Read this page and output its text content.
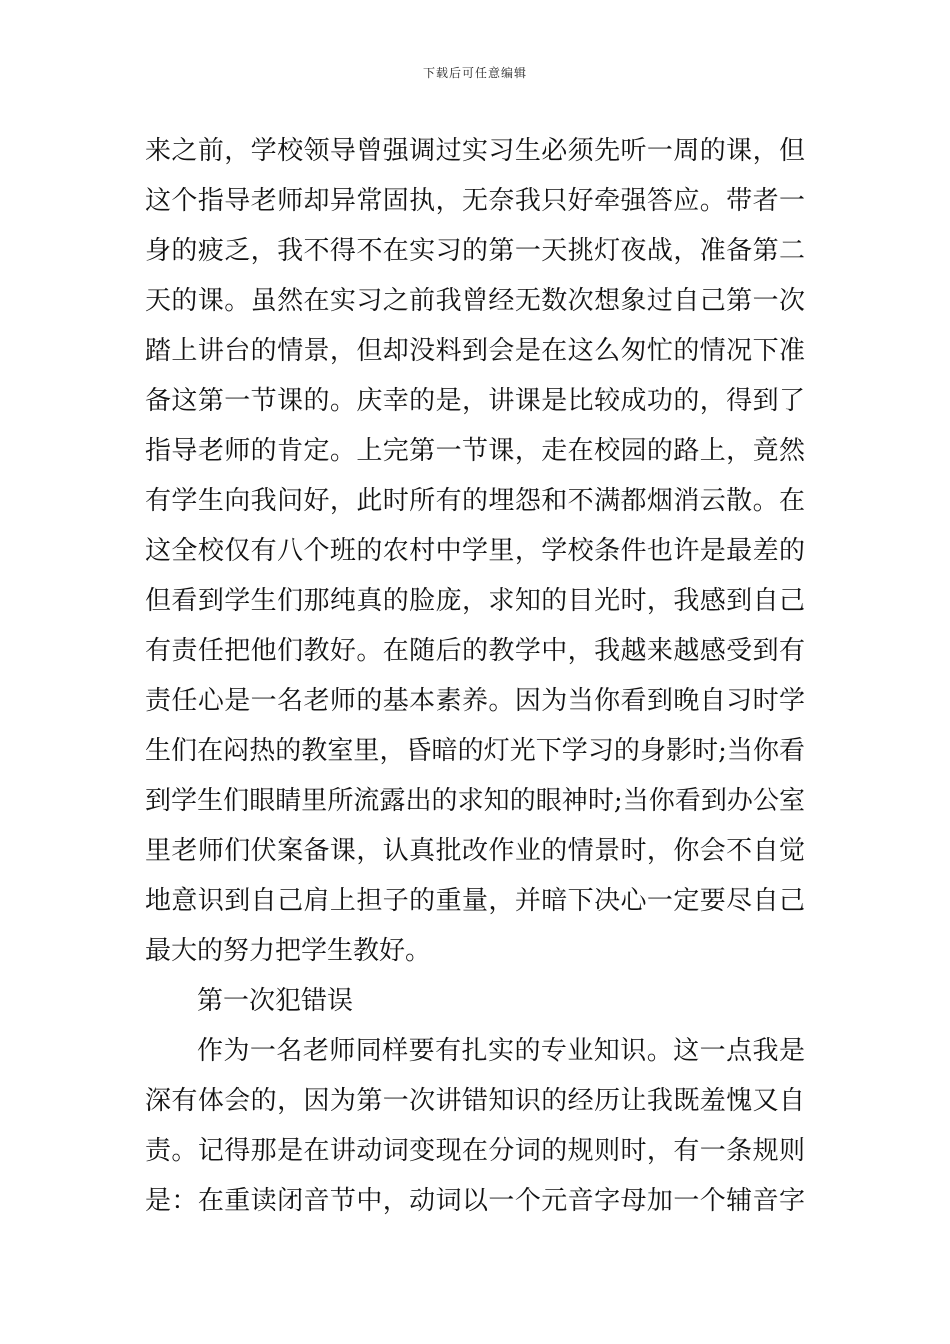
下载后可任意编辑
来之前，学校领导曾强调过实习生必须先听一周的课，但
这个指导老师却异常固执，无奈我只好牵强答应。带者一
身的疲乏，我不得不在实习的第一天挑灯夜战，准备第二
天的课。虽然在实习之前我曾经无数次想象过自己第一次
踏上讲台的情景，但却没料到会是在这么匆忙的情况下准
备这第一节课的。庆幸的是，讲课是比较成功的，得到了
指导老师的肯定。上完第一节课，走在校园的路上，竟然
有学生向我问好，此时所有的埋怨和不满都烟消云散。在
这全校仅有八个班的农村中学里，学校条件也许是最差的
但看到学生们那纯真的脸庞，求知的目光时，我感到自己
有责任把他们教好。在随后的教学中，我越来越感受到有
责任心是一名老师的基本素养。因为当你看到晚自习时学
生们在闷热的教室里，昏暗的灯光下学习的身影时;当你看
到学生们眼睛里所流露出的求知的眼神时;当你看到办公室
里老师们伏案备课，认真批改作业的情景时，你会不自觉
地意识到自己肩上担子的重量，并暗下决心一定要尽自己
最大的努力把学生教好。
第一次犯错误
作为一名老师同样要有扎实的专业知识。这一点我是
深有体会的，因为第一次讲错知识的经历让我既羞愧又自
责。记得那是在讲动词变现在分词的规则时，有一条规则
是：在重读闭音节中，动词以一个元音字母加一个辅音字
